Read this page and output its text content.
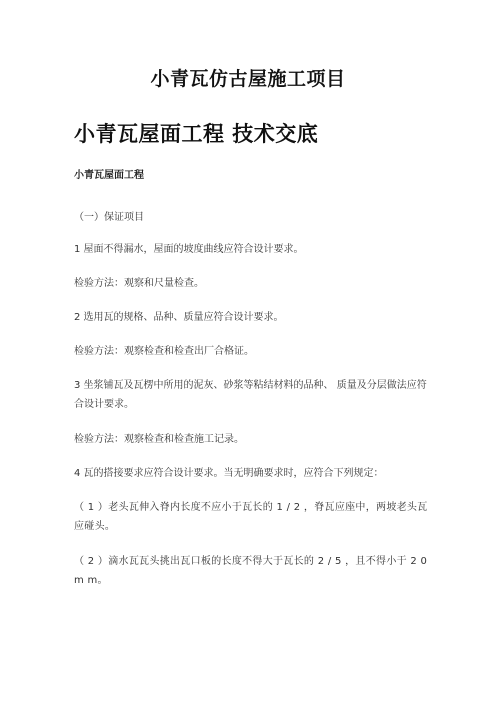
小青瓦仿古屋施工项目
小青瓦屋面工程 技术交底
小青瓦屋面工程
（一）保证项目
1 屋面不得漏水，屋面的坡度曲线应符合设计要求。
检验方法：观察和尺量检查。
2 选用瓦的规格、品种、质量应符合设计要求。
检验方法：观察检查和检查出厂合格证。
3 坐浆铺瓦及瓦楞中所用的泥灰、砂浆等粘结材料的品种、 质量及分层做法应符合设计要求。
检验方法：观察检查和检查施工记录。
4 瓦的搭接要求应符合设计要求。当无明确要求时，应符合下列规定：
（ 1 ）老头瓦伸入脊内长度不应小于瓦长的 1 / 2 ，脊瓦应座中，两坡老头瓦应碰头。
（ 2 ）滴水瓦瓦头挑出瓦口板的长度不得大于瓦长的 2 / 5 ，且不得小于 2 0 m m。
